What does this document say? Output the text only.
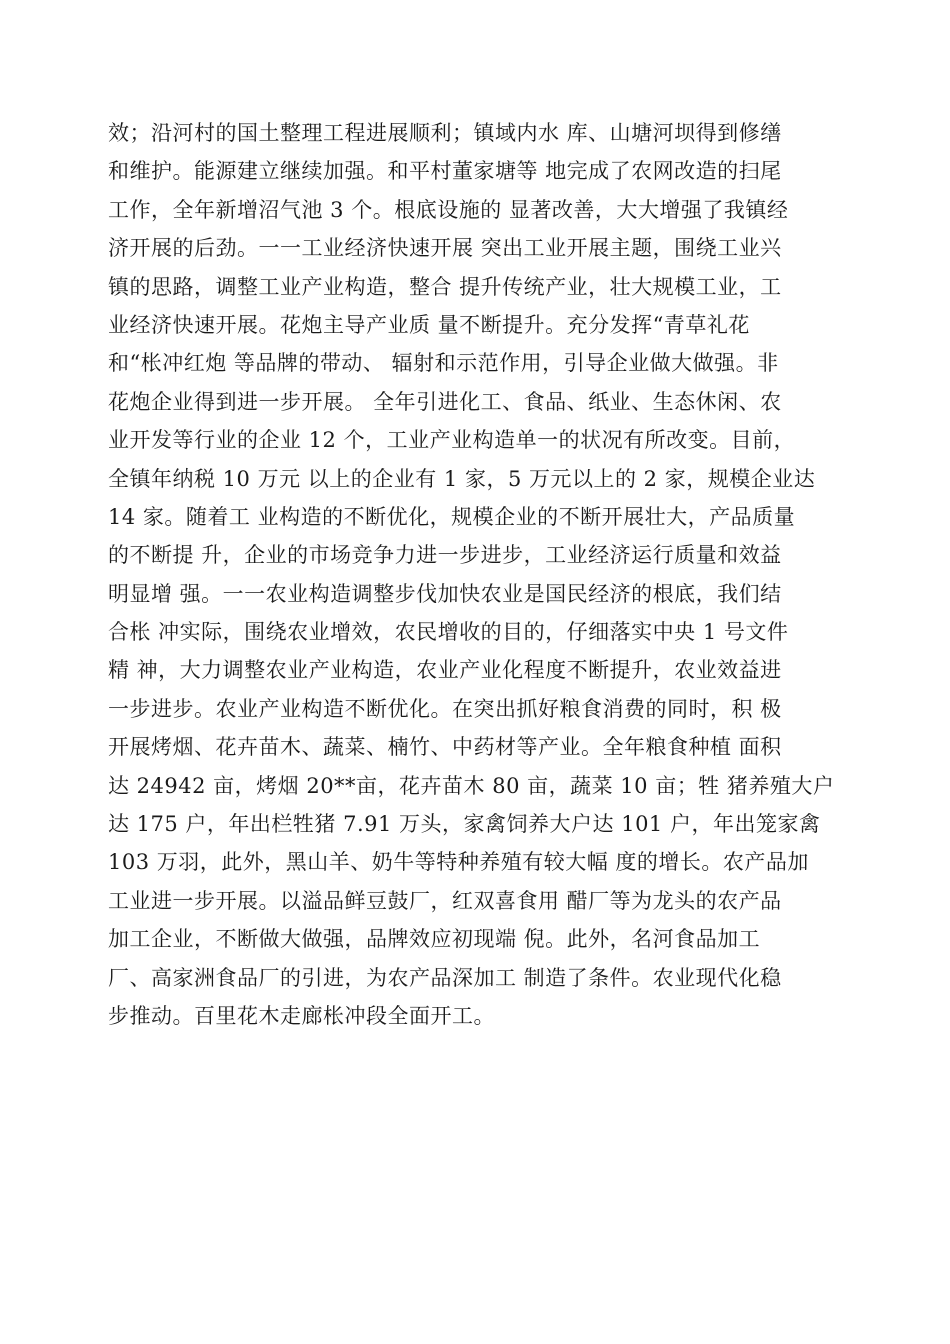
效；沿河村的国土整理工程进展顺利；镇域内水 库、山塘河坝得到修缮
和维护。能源建立继续加强。和平村董家塘等 地完成了农网改造的扫尾
工作，全年新增沼气池 3 个。根底设施的 显著改善，大大增强了我镇经
济开展的后劲。一一工业经济快速开展 突出工业开展主题，围绕工业兴
镇的思路，调整工业产业构造，整合 提升传统产业，壮大规模工业，工
业经济快速开展。花炮主导产业质 量不断提升。充分发挥“青草礼花
和“枨冲红炮 等品牌的带动、 辐射和示范作用，引导企业做大做强。非
花炮企业得到进一步开展。 全年引进化工、食品、纸业、生态休闲、农
业开发等行业的企业 12 个，工业产业构造单一的状况有所改变。目前，
全镇年纳税 10 万元 以上的企业有 1 家，5 万元以上的 2 家，规模企业达
14 家。随着工 业构造的不断优化，规模企业的不断开展壮大，产品质量
的不断提 升，企业的市场竞争力进一步进步，工业经济运行质量和效益
明显增 强。一一农业构造调整步伐加快农业是国民经济的根底，我们结
合枨 冲实际，围绕农业增效，农民增收的目的，仔细落实中央 1 号文件
精 神，大力调整农业产业构造，农业产业化程度不断提升，农业效益进
一步进步。农业产业构造不断优化。在突出抓好粮食消费的同时，积 极
开展烤烟、花卉苗木、蔬菜、楠竹、中药材等产业。全年粮食种植 面积
达 24942 亩，烤烟 20**亩，花卉苗木 80 亩，蔬菜 10 亩；牲 猪养殖大户
达 175 户，年出栏牲猪 7.91 万头，家禽饲养大户达 101 户，年出笼家禽
103 万羽，此外，黑山羊、奶牛等特种养殖有较大幅 度的增长。农产品加
工业进一步开展。以溢品鲜豆鼓厂，红双喜食用 醋厂等为龙头的农产品
加工企业，不断做大做强，品牌效应初现端 倪。此外，名河食品加工
厂、高家洲食品厂的引进，为农产品深加工 制造了条件。农业现代化稳
步推动。百里花木走廊枨冲段全面开工。
